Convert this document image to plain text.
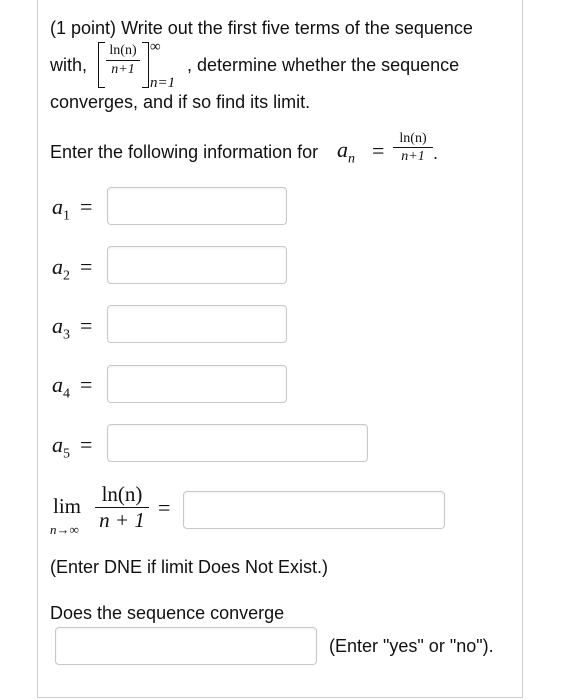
(1 point) Write out the first five terms of the sequence
with,
ln(n)
n+1
∞
n=1
, determine whether the sequence
converges, and if so find its limit.
Enter the following information for $a_n$ =	ln(n)
n+1 .
$a_1$ =
$a_2$ =
$a_3$ =
$a_4$ =
$a_5$ =
lim
n→∞
ln(n)
n + 1 =
(Enter DNE if limit Does Not Exist.)
Does the sequence converge
(Enter "yes" or "no").
